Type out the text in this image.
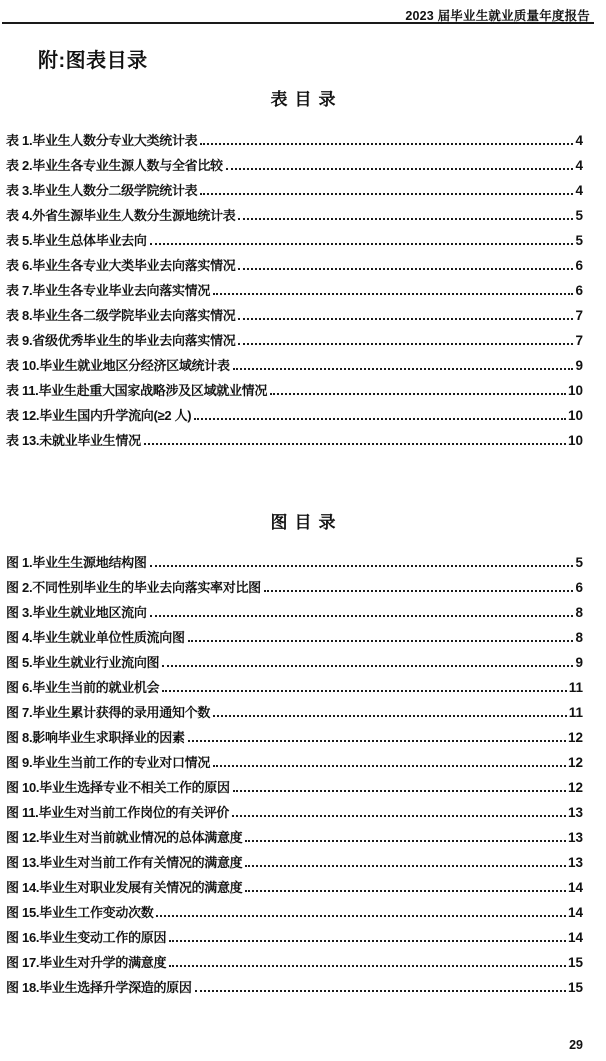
2023 届毕业生就业质量年度报告
附:图表目录
表目录
表 1.毕业生人数分专业大类统计表	4
表 2.毕业生各专业生源人数与全省比较	4
表 3.毕业生人数分二级学院统计表	4
表 4.外省生源毕业生人数分生源地统计表	5
表 5.毕业生总体毕业去向	5
表 6.毕业生各专业大类毕业去向落实情况	6
表 7.毕业生各专业毕业去向落实情况	6
表 8.毕业生各二级学院毕业去向落实情况	7
表 9.省级优秀毕业生的毕业去向落实情况	7
表 10.毕业生就业地区分经济区域统计表	9
表 11.毕业生赴重大国家战略涉及区域就业情况	10
表 12.毕业生国内升学流向(≥2 人)	10
表 13.未就业毕业生情况	10
图目录
图 1.毕业生生源地结构图	5
图 2.不同性别毕业生的毕业去向落实率对比图	6
图 3.毕业生就业地区流向	8
图 4.毕业生就业单位性质流向图	8
图 5.毕业生就业行业流向图	9
图 6.毕业生当前的就业机会	11
图 7.毕业生累计获得的录用通知个数	11
图 8.影响毕业生求职择业的因素	12
图 9.毕业生当前工作的专业对口情况	12
图 10.毕业生选择专业不相关工作的原因	12
图 11.毕业生对当前工作岗位的有关评价	13
图 12.毕业生对当前就业情况的总体满意度	13
图 13.毕业生对当前工作有关情况的满意度	13
图 14.毕业生对职业发展有关情况的满意度	14
图 15.毕业生工作变动次数	14
图 16.毕业生变动工作的原因	14
图 17.毕业生对升学的满意度	15
图 18.毕业生选择升学深造的原因	15
29
